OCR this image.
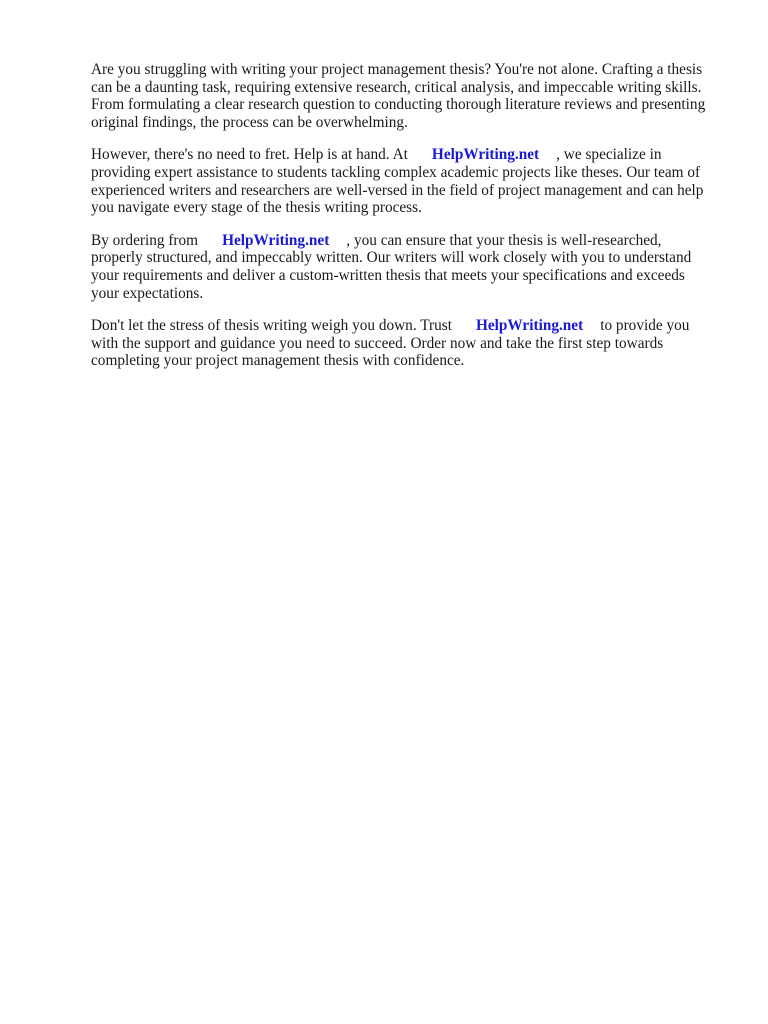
Are you struggling with writing your project management thesis? You're not alone. Crafting a thesis
can be a daunting task, requiring extensive research, critical analysis, and impeccable writing skills.
From formulating a clear research question to conducting thorough literature reviews and presenting
original findings, the process can be overwhelming.

However, there's no need to fret. Help is at hand. At HelpWriting.net , we specialize in
providing expert assistance to students tackling complex academic projects like theses. Our team of
experienced writers and researchers are well-versed in the field of project management and can help
you navigate every stage of the thesis writing process.

By ordering from HelpWriting.net , you can ensure that your thesis is well-researched,
properly structured, and impeccably written. Our writers will work closely with you to understand
your requirements and deliver a custom-written thesis that meets your specifications and exceeds
your expectations.

Don't let the stress of thesis writing weigh you down. Trust HelpWriting.net to provide you
with the support and guidance you need to succeed. Order now and take the first step towards
completing your project management thesis with confidence.
